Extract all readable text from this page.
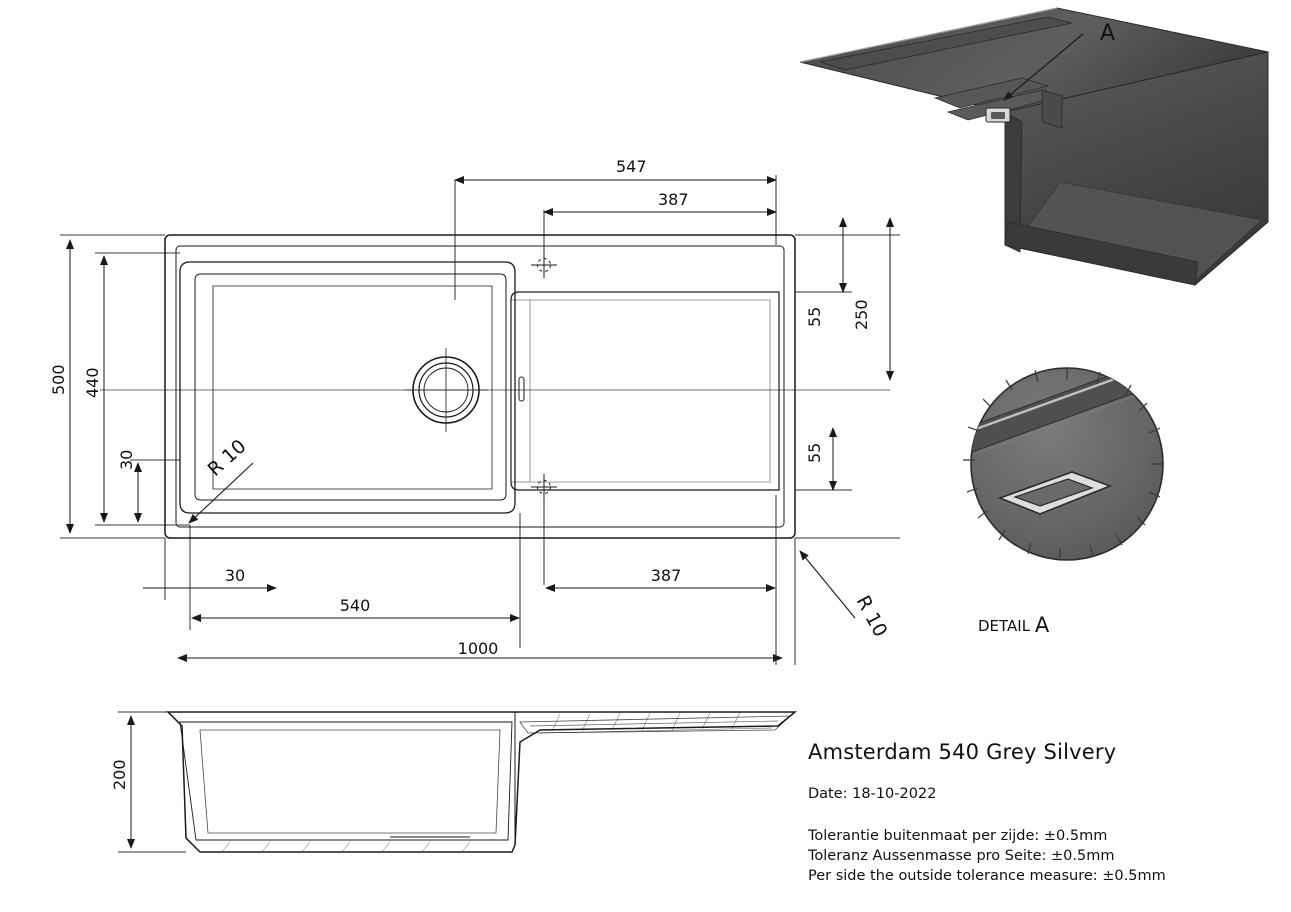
547
387
55 250
55
500 440
30
30
540
387
1000
R 10
R 10
200
A
DETAIL A
Amsterdam 540 Grey Silvery
Date: 18-10-2022
Tolerantie buitenmaat per zijde: ±0.5mm
Toleranz Aussenmasse pro Seite: ±0.5mm
Per side the outside tolerance measure: ±0.5mm
